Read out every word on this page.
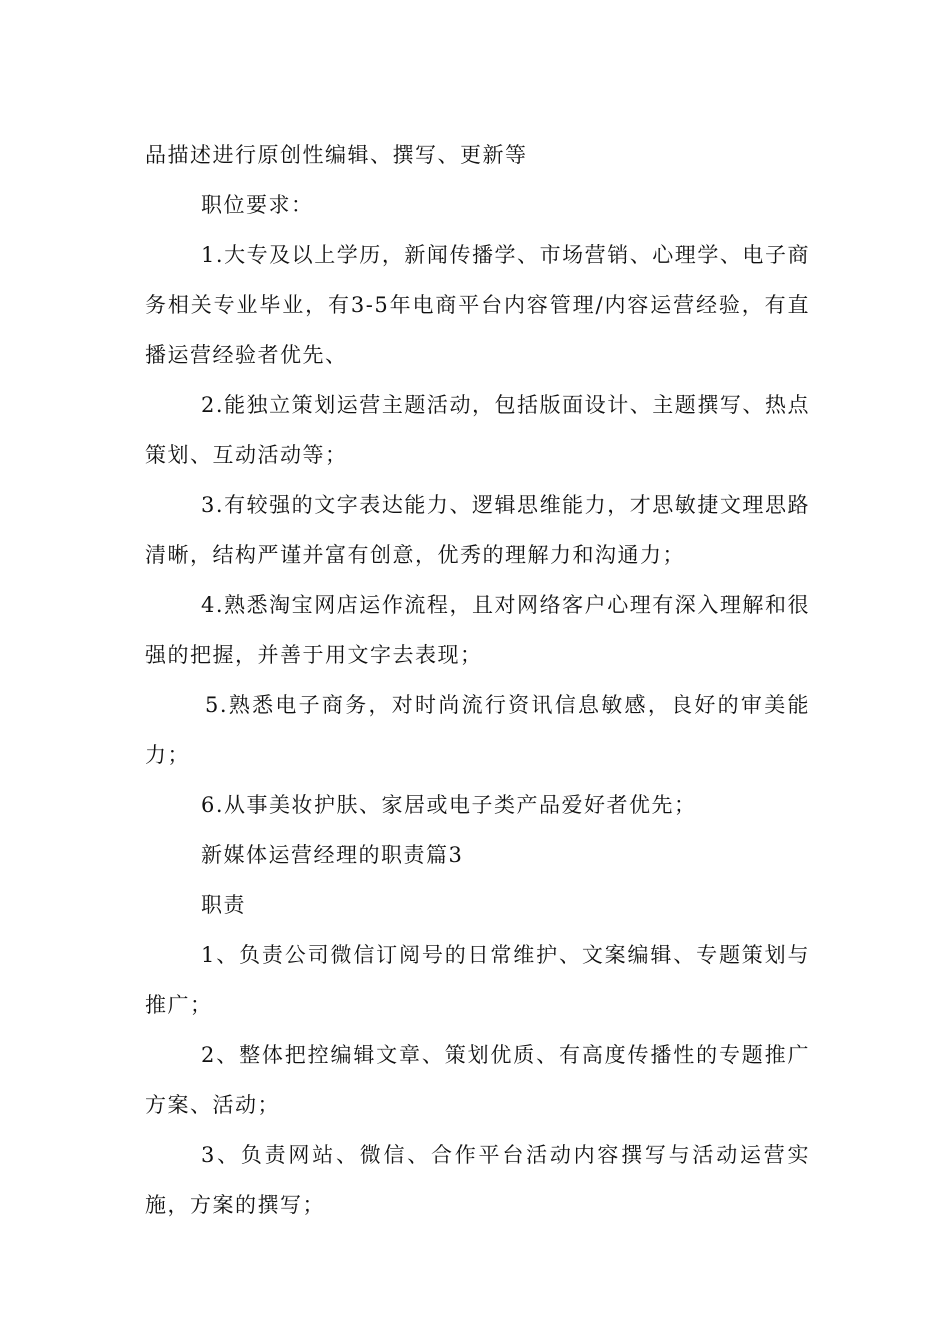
品描述进行原创性编辑、撰写、更新等

职位要求：

1.大专及以上学历，新闻传播学、市场营销、心理学、电子商务相关专业毕业，有3-5年电商平台内容管理/内容运营经验，有直播运营经验者优先、

2.能独立策划运营主题活动，包括版面设计、主题撰写、热点策划、互动活动等；

3.有较强的文字表达能力、逻辑思维能力，才思敏捷文理思路清晰，结构严谨并富有创意，优秀的理解力和沟通力；

4.熟悉淘宝网店运作流程，且对网络客户心理有深入理解和很强的把握，并善于用文字去表现；

5.熟悉电子商务，对时尚流行资讯信息敏感，良好的审美能力；

6.从事美妆护肤、家居或电子类产品爱好者优先；

新媒体运营经理的职责篇3

职责

1、负责公司微信订阅号的日常维护、文案编辑、专题策划与推广；

2、整体把控编辑文章、策划优质、有高度传播性的专题推广方案、活动；

3、负责网站、微信、合作平台活动内容撰写与活动运营实施，方案的撰写；
